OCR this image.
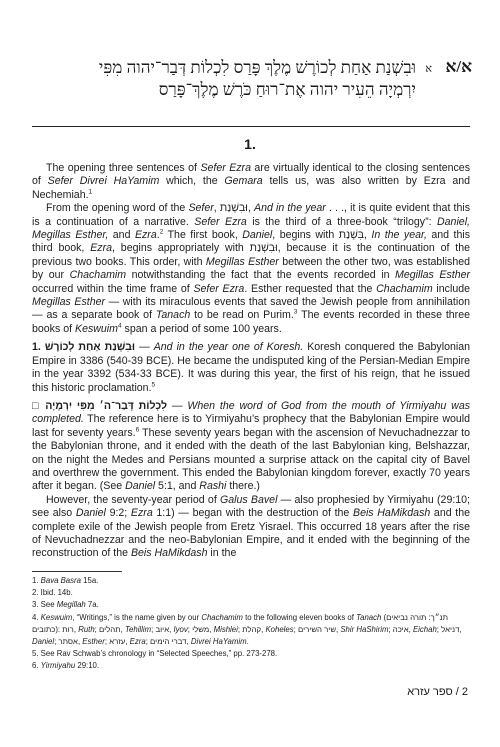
א/א
א
וּבִשְׁנַת אַחַת לְכוֹרֶשׁ מֶלֶךְ פָּרַס לִכְלוֹת דְּבַר־יהוה מִפִּי יִרְמְיָה הֵעִיר יהוה אֶת־רוּחַ כֹּרֶשׁ מֶלֶךְ־פָּרַס
1.

The opening three sentences of Sefer Ezra are virtually identical to the closing sentences of Sefer Divrei HaYamim which, the Gemara tells us, was also written by Ezra and Nechemiah.$^1$

From the opening word of the Sefer, וּבִשְׁנַת, And in the year . . ., it is quite evident that this is a continuation of a narrative. Sefer Ezra is the third of a three-book “trilogy”: Daniel, Megillas Esther, and Ezra.$^2$ The first book, Daniel, begins with בִּשְׁנַת, In the year, and this third book, Ezra, begins appropriately with וּבִשְׁנַת, because it is the continuation of the previous two books. This order, with Megillas Esther between the other two, was established by our Chachamim notwithstanding the fact that the events recorded in Megillas Esther occurred within the time frame of Sefer Ezra. Esther requested that the Chachamim include Megillas Esther — with its miraculous events that saved the Jewish people from annihilation — as a separate book of Tanach to be read on Purim.$^3$ The events recorded in these three books of Keswuim$^4$ span a period of some 100 years.

1. וּבִשְׁנַת אַחַת לְכוֹרֶשׁ — And in the year one of Koresh. Koresh conquered the Babylonian Empire in 3386 (540-39 BCE). He became the undisputed king of the Persian-Median Empire in the year 3392 (534-33 BCE). It was during this year, the first of his reign, that he issued this historic proclamation.$^5$

□ לִכְלוֹת דְּבַר־ה׳ מִפִּי יִרְמְיָה — When the word of God from the mouth of Yirmiyahu was completed. The reference here is to Yirmiyahu’s prophecy that the Babylonian Empire would last for seventy years.$^6$ These seventy years began with the ascension of Nevuchadnezzar to the Babylonian throne, and it ended with the death of the last Babylonian king, Belshazzar, on the night the Medes and Persians mounted a surprise attack on the capital city of Bavel and overthrew the government. This ended the Babylonian kingdom forever, exactly 70 years after it began. (See Daniel 5:1, and Rashi there.)

However, the seventy-year period of Galus Bavel — also prophesied by Yirmiyahu (29:10; see also Daniel 9:2; Ezra 1:1) — began with the destruction of the Beis HaMikdash and the complete exile of the Jewish people from Eretz Yisrael. This occurred 18 years after the rise of Nevuchadnezzar and the neo-Babylonian Empire, and it ended with the beginning of the reconstruction of the Beis HaMikdash in the

1. Bava Basra 15a.
2. Ibid. 14b.
3. See Megillah 7a.
4. Keswuim, “Writings,” is the name given by our Chachamim to the following eleven books of Tanach (תנ״ך: תורה נביאים כתובים): רות, Ruth; תהלים, Tehillim; איוב, Iyov; משלי, Mishlei; קהלת, Koheles; שיר השירים, Shir HaShirim; איכה, Eichah; דניאל, Daniel; אסתר, Esther; עזרא, Ezra; דברי הימים, Divrei HaYamim.
5. See Rav Schwab’s chronology in “Selected Speeches,” pp. 273-278.
6. Yirmiyahu 29:10.
2 / ספר עזרא
